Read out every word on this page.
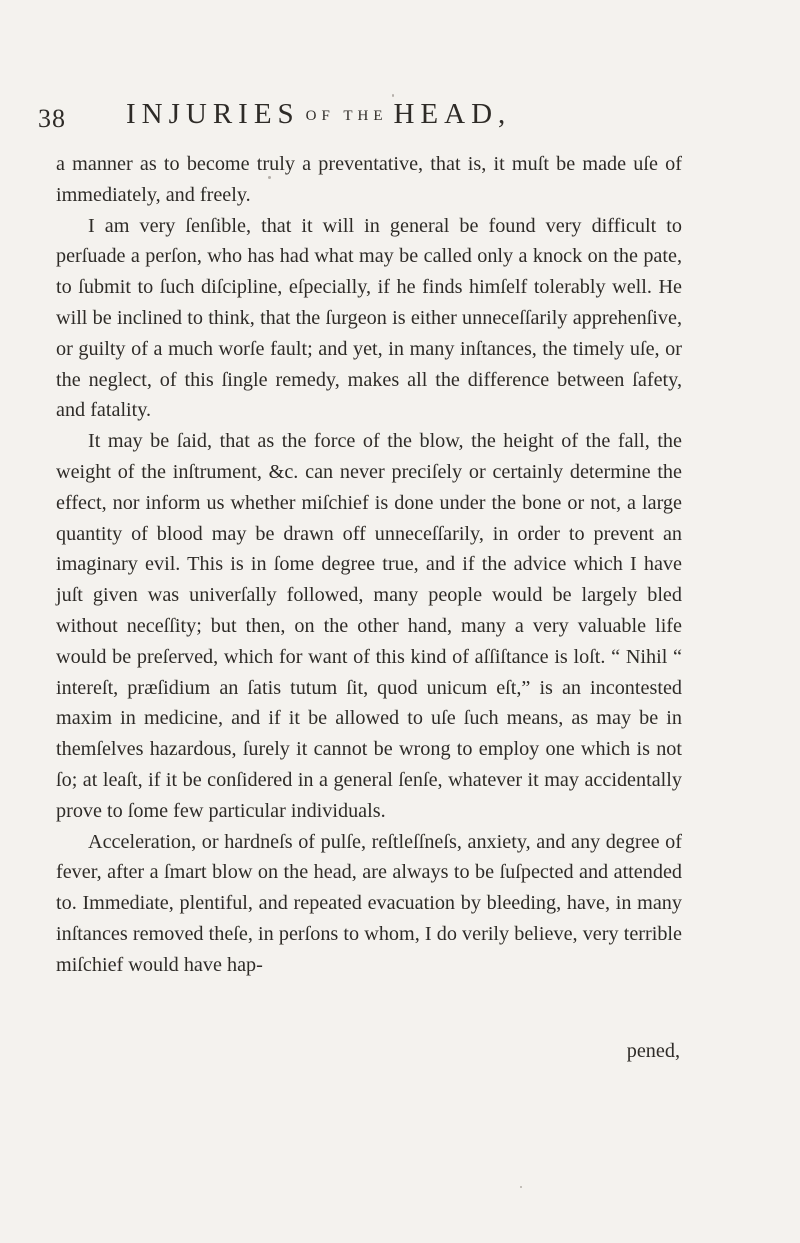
38 INJURIES OF THE HEAD,

a manner as to become truly a preventative, that is, it muſt be made uſe of immediately, and freely.

I am very ſenſible, that it will in general be found very difficult to perſuade a perſon, who has had what may be called only a knock on the pate, to ſubmit to ſuch diſcipline, eſpecially, if he finds himſelf tolerably well. He will be inclined to think, that the ſurgeon is either unneceſſarily apprehenſive, or guilty of a much worſe fault; and yet, in many inſtances, the timely uſe, or the neglect, of this ſingle remedy, makes all the difference between ſafety, and fatality.

It may be ſaid, that as the force of the blow, the height of the fall, the weight of the inſtrument, &c. can never preciſely or certainly determine the effect, nor inform us whether miſchief is done under the bone or not, a large quantity of blood may be drawn off unneceſſarily, in order to prevent an imaginary evil. This is in ſome degree true, and if the advice which I have juſt given was univerſally followed, many people would be largely bled without neceſſity; but then, on the other hand, many a very valuable life would be preſerved, which for want of this kind of aſſiſtance is loſt. “ Nihil “ intereſt, præſidium an ſatis tutum ſit, quod unicum eſt,” is an incontested maxim in medicine, and if it be allowed to uſe ſuch means, as may be in themſelves hazardous, ſurely it cannot be wrong to employ one which is not ſo; at leaſt, if it be conſidered in a general ſenſe, whatever it may accidentally prove to ſome few particular individuals.

Acceleration, or hardneſs of pulſe, reſtleſſneſs, anxiety, and any degree of fever, after a ſmart blow on the head, are always to be ſuſpected and attended to. Immediate, plentiful, and repeated evacuation by bleeding, have, in many inſtances removed theſe, in perſons to whom, I do verily believe, very terrible miſchief would have hap-

pened,
